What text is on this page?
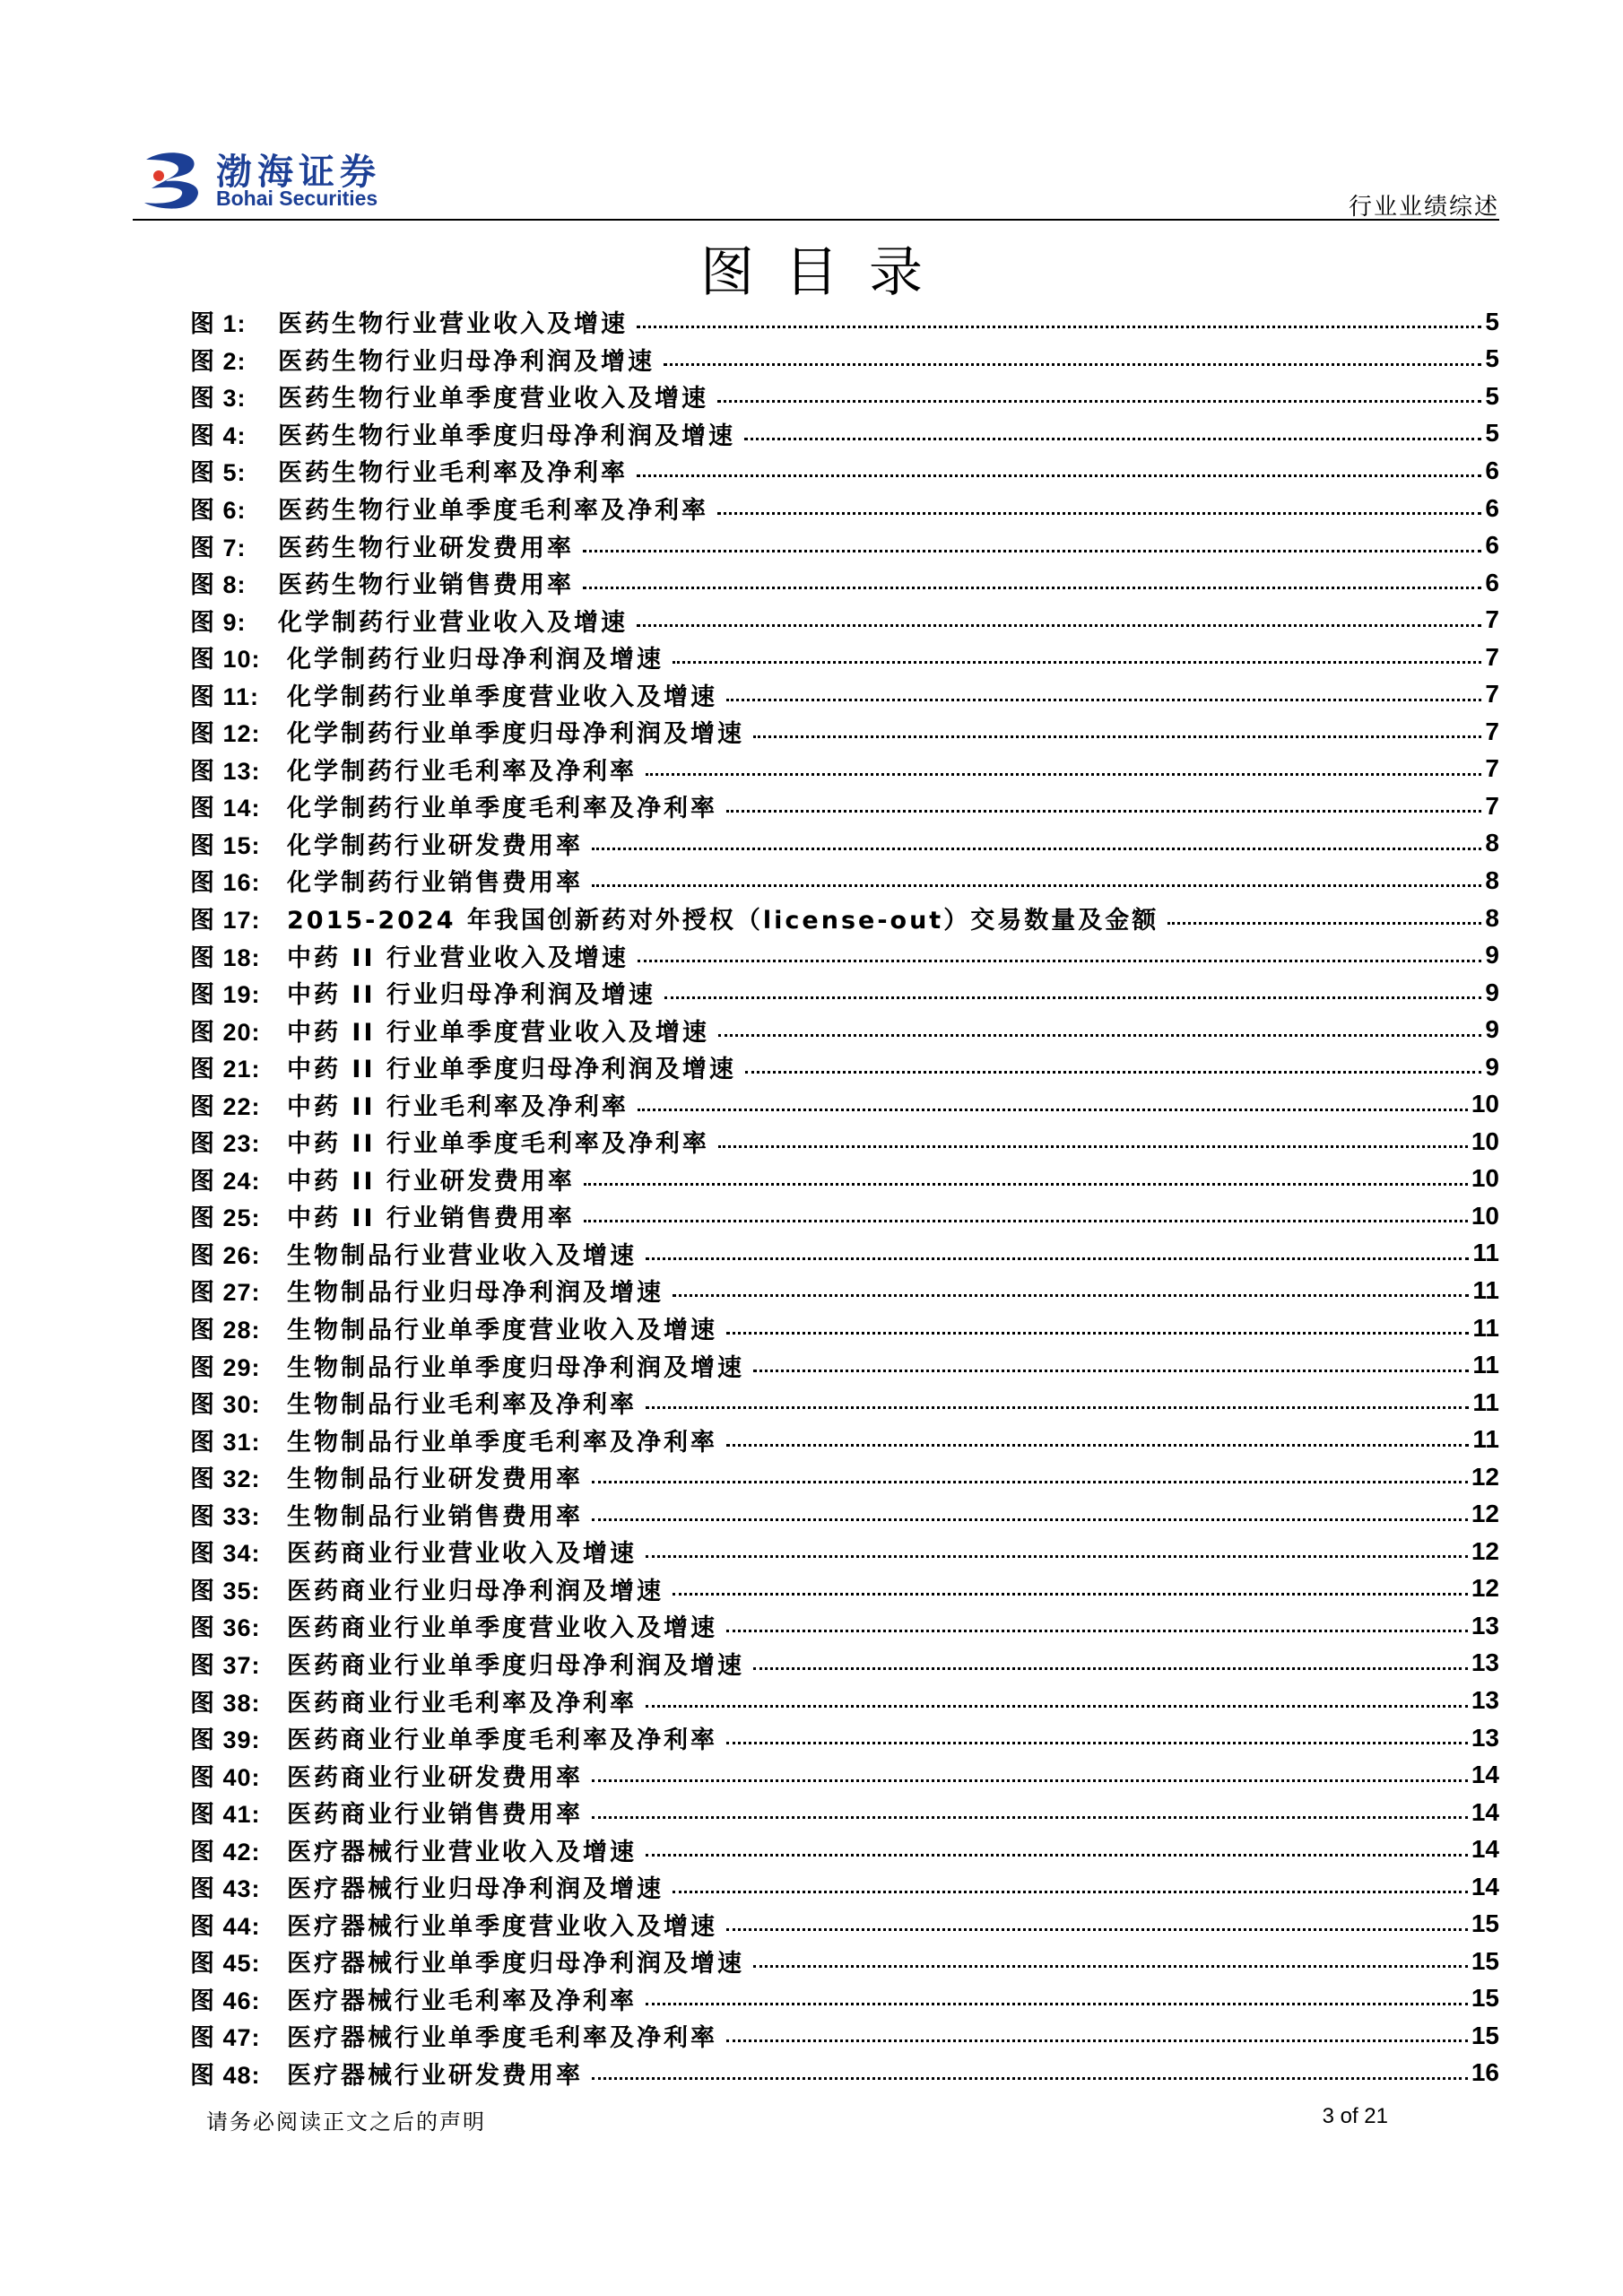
渤海证券
Bohai Securities	行业业绩综述
图目录
图 1:	医药生物行业营业收入及增速	5
图 2:	医药生物行业归母净利润及增速	5
图 3:	医药生物行业单季度营业收入及增速	5
图 4:	医药生物行业单季度归母净利润及增速	5
图 5:	医药生物行业毛利率及净利率	6
图 6:	医药生物行业单季度毛利率及净利率	6
图 7:	医药生物行业研发费用率	6
图 8:	医药生物行业销售费用率	6
图 9:	化学制药行业营业收入及增速	7
图 10:	化学制药行业归母净利润及增速	7
图 11:	化学制药行业单季度营业收入及增速	7
图 12:	化学制药行业单季度归母净利润及增速	7
图 13:	化学制药行业毛利率及净利率	7
图 14:	化学制药行业单季度毛利率及净利率	7
图 15:	化学制药行业研发费用率	8
图 16:	化学制药行业销售费用率	8
图 17:	2015-2024 年我国创新药对外授权（license-out）交易数量及金额	8
图 18:	中药 II 行业营业收入及增速	9
图 19:	中药 II 行业归母净利润及增速	9
图 20:	中药 II 行业单季度营业收入及增速	9
图 21:	中药 II 行业单季度归母净利润及增速	9
图 22:	中药 II 行业毛利率及净利率	10
图 23:	中药 II 行业单季度毛利率及净利率	10
图 24:	中药 II 行业研发费用率	10
图 25:	中药 II 行业销售费用率	10
图 26:	生物制品行业营业收入及增速	11
图 27:	生物制品行业归母净利润及增速	11
图 28:	生物制品行业单季度营业收入及增速	11
图 29:	生物制品行业单季度归母净利润及增速	11
图 30:	生物制品行业毛利率及净利率	11
图 31:	生物制品行业单季度毛利率及净利率	11
图 32:	生物制品行业研发费用率	12
图 33:	生物制品行业销售费用率	12
图 34:	医药商业行业营业收入及增速	12
图 35:	医药商业行业归母净利润及增速	12
图 36:	医药商业行业单季度营业收入及增速	13
图 37:	医药商业行业单季度归母净利润及增速	13
图 38:	医药商业行业毛利率及净利率	13
图 39:	医药商业行业单季度毛利率及净利率	13
图 40:	医药商业行业研发费用率	14
图 41:	医药商业行业销售费用率	14
图 42:	医疗器械行业营业收入及增速	14
图 43:	医疗器械行业归母净利润及增速	14
图 44:	医疗器械行业单季度营业收入及增速	15
图 45:	医疗器械行业单季度归母净利润及增速	15
图 46:	医疗器械行业毛利率及净利率	15
图 47:	医疗器械行业单季度毛利率及净利率	15
图 48:	医疗器械行业研发费用率	16
请务必阅读正文之后的声明	3 of 21
